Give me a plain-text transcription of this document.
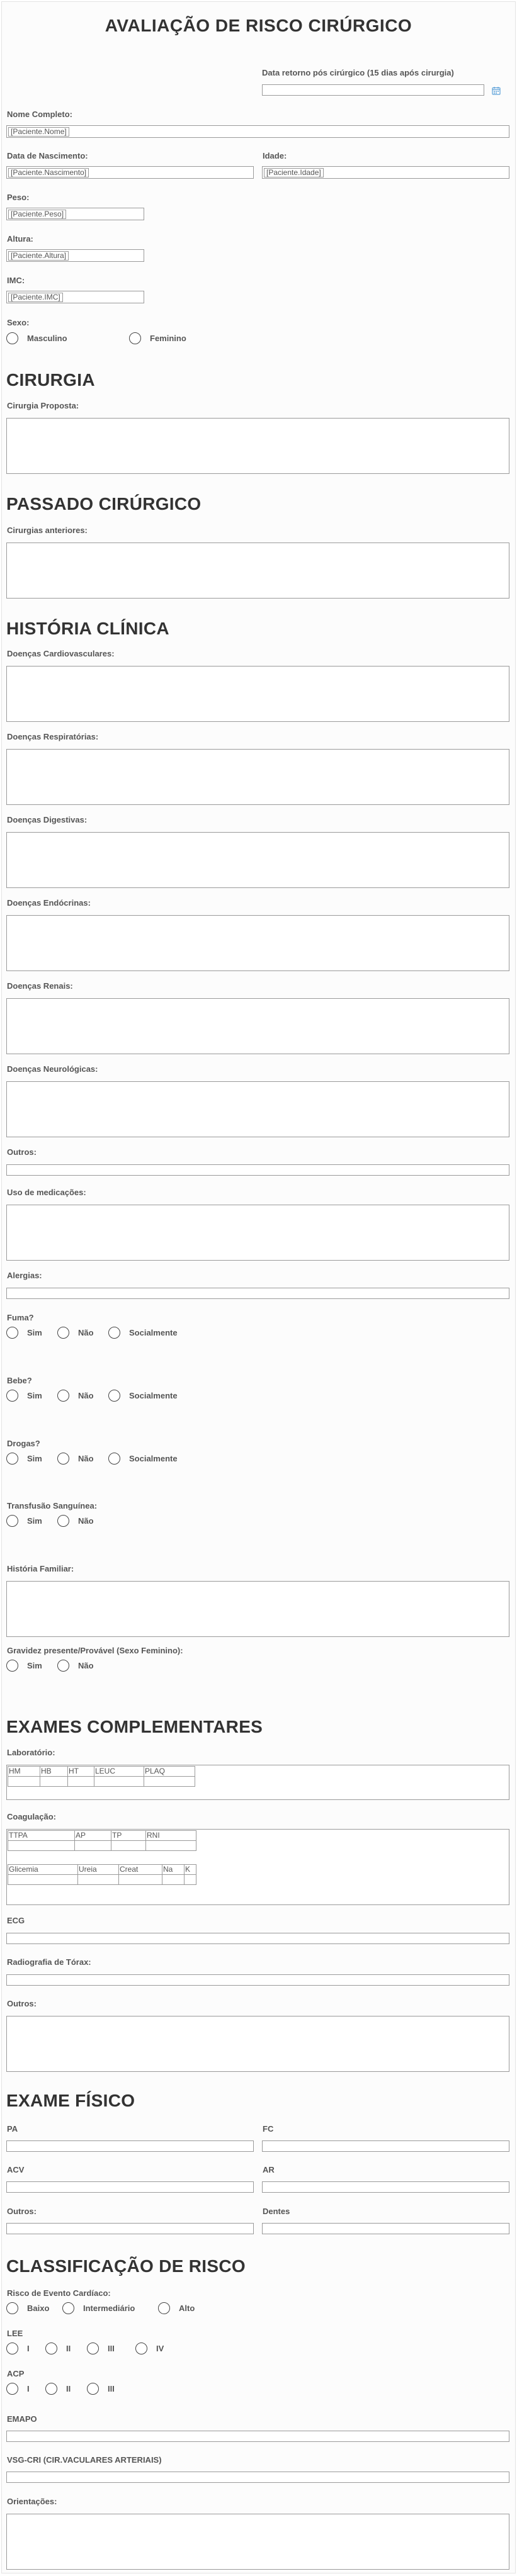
AVALIAÇÃO DE RISCO CIRÚRGICO
Data retorno pós cirúrgico (15 dias após cirurgia)
Nome Completo:
[Paciente.Nome]
Data de Nascimento:
[Paciente.Nascimento]
Idade:
[Paciente.Idade]
Peso:
[Paciente.Peso]
Altura:
[Paciente.Altura]
IMC:
[Paciente.IMC]
Sexo:
Masculino	Feminino
CIRURGIA
Cirurgia Proposta:
PASSADO CIRÚRGICO
Cirurgias anteriores:
HISTÓRIA CLÍNICA
Doenças Cardiovasculares:
Doenças Respiratórias:
Doenças Digestivas:
Doenças Endócrinas:
Doenças Renais:
Doenças Neurológicas:
Outros:
Uso de medicações:
Alergias:
Fuma?
Sim	Não	Socialmente
Bebe?
Sim	Não	Socialmente
Drogas?
Sim	Não	Socialmente
Transfusão Sanguínea:
Sim	Não
História Familiar:
Gravidez presente/Provável (Sexo Feminino):
Sim	Não
EXAMES COMPLEMENTARES
Laboratório:
HM	HB	HT	LEUC	PLAQ

Coagulação:
TTPA	AP	TP	RNI

Glicemia	Ureia	Creat	Na	K

ECG
Radiografia de Tórax:
Outros:
EXAME FÍSICO
PA	FC
ACV	AR
Outros:	Dentes
CLASSIFICAÇÃO DE RISCO
Risco de Evento Cardíaco:
Baixo	Intermediário	Alto
LEE
I	II	III	IV
ACP
I	II	III
EMAPO
VSG-CRI (CIR.VACULARES ARTERIAIS)
Orientações:
